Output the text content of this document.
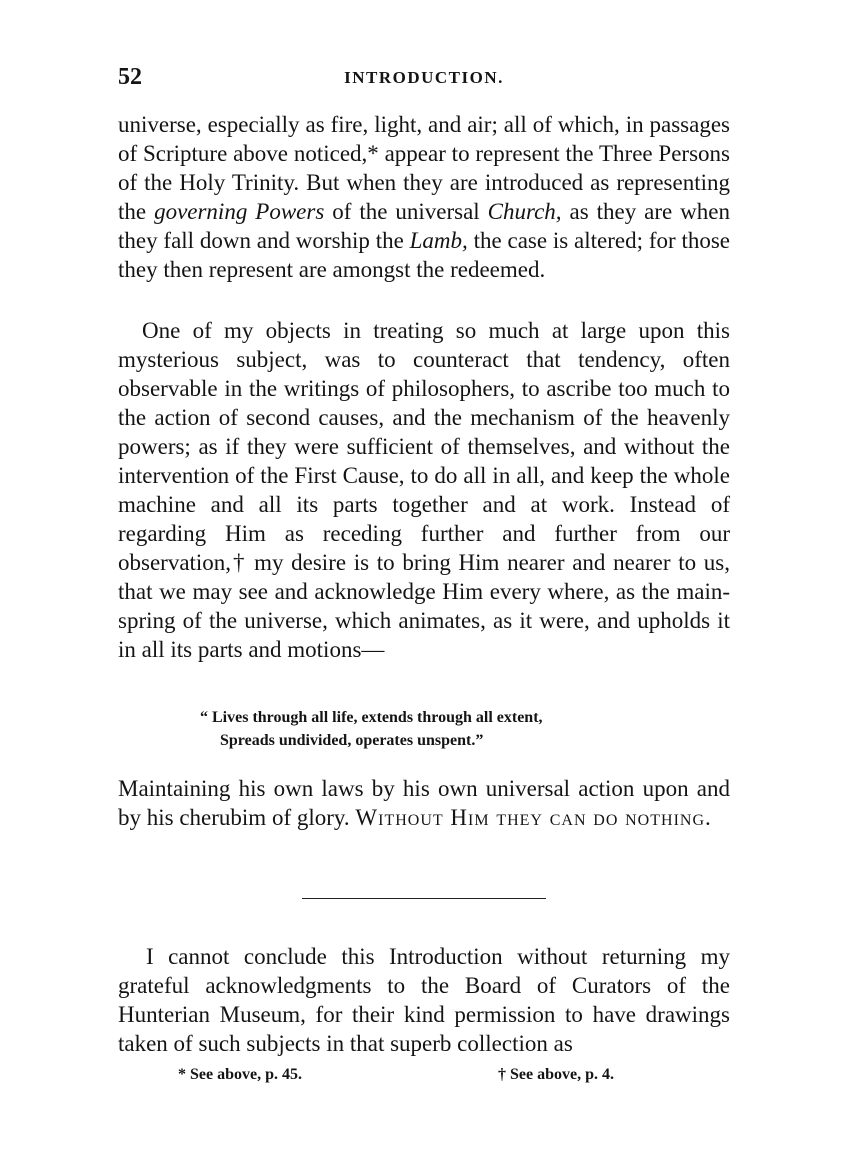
52	INTRODUCTION.

universe, especially as fire, light, and air; all of which, in passages of Scripture above noticed,* appear to represent the Three Persons of the Holy Trinity. But when they are introduced as representing the governing Powers of the universal Church, as they are when they fall down and worship the Lamb, the case is altered; for those they then represent are amongst the redeemed.

One of my objects in treating so much at large upon this mysterious subject, was to counteract that tendency, often observable in the writings of philosophers, to ascribe too much to the action of second causes, and the mechanism of the heavenly powers; as if they were sufficient of themselves, and without the intervention of the First Cause, to do all in all, and keep the whole machine and all its parts together and at work. Instead of regarding Him as receding further and further from our observation,† my desire is to bring Him nearer and nearer to us, that we may see and acknowledge Him every where, as the main-spring of the universe, which animates, as it were, and upholds it in all its parts and motions—

“ Lives through all life, extends through all extent,
Spreads undivided, operates unspent.”

Maintaining his own laws by his own universal action upon and by his cherubim of glory. Without Him they can do nothing.

I cannot conclude this Introduction without returning my grateful acknowledgments to the Board of Curators of the Hunterian Museum, for their kind permission to have drawings taken of such subjects in that superb collection as

* See above, p. 45.	† See above, p. 4.
